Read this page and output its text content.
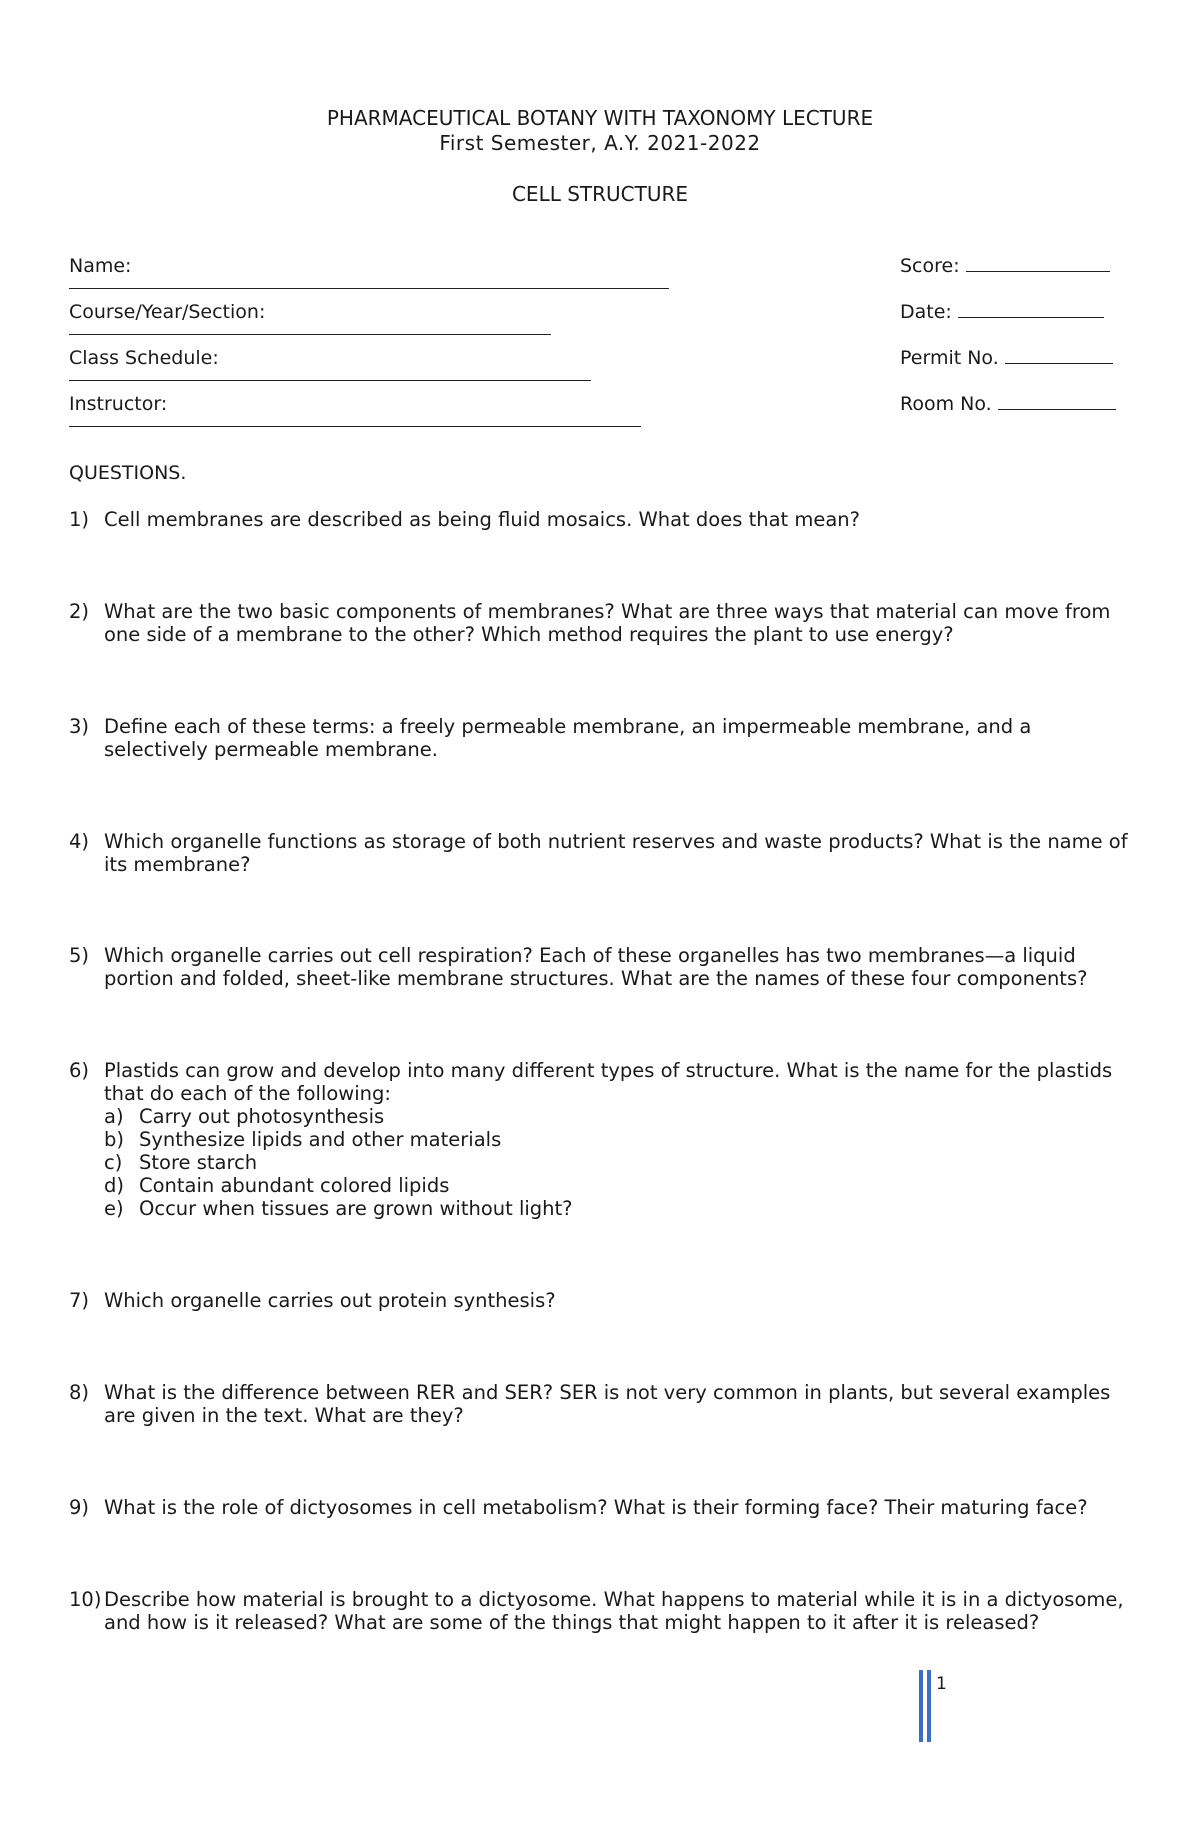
PHARMACEUTICAL BOTANY WITH TAXONOMY LECTURE
First Semester, A.Y. 2021-2022
CELL STRUCTURE
Name:	Score:
Course/Year/Section:	Date:
Class Schedule:	Permit No.
Instructor:	Room No.
QUESTIONS.
1) Cell membranes are described as being fluid mosaics. What does that mean?
2) What are the two basic components of membranes? What are three ways that material can move from one side of a membrane to the other? Which method requires the plant to use energy?
3) Define each of these terms: a freely permeable membrane, an impermeable membrane, and a selectively permeable membrane.
4) Which organelle functions as storage of both nutrient reserves and waste products? What is the name of its membrane?
5) Which organelle carries out cell respiration? Each of these organelles has two membranes—a liquid portion and folded, sheet-like membrane structures. What are the names of these four components?
6) Plastids can grow and develop into many different types of structure. What is the name for the plastids that do each of the following:
a) Carry out photosynthesis
b) Synthesize lipids and other materials
c) Store starch
d) Contain abundant colored lipids
e) Occur when tissues are grown without light?
7) Which organelle carries out protein synthesis?
8) What is the difference between RER and SER? SER is not very common in plants, but several examples are given in the text. What are they?
9) What is the role of dictyosomes in cell metabolism? What is their forming face? Their maturing face?
10) Describe how material is brought to a dictyosome. What happens to material while it is in a dictyosome, and how is it released? What are some of the things that might happen to it after it is released?
1
